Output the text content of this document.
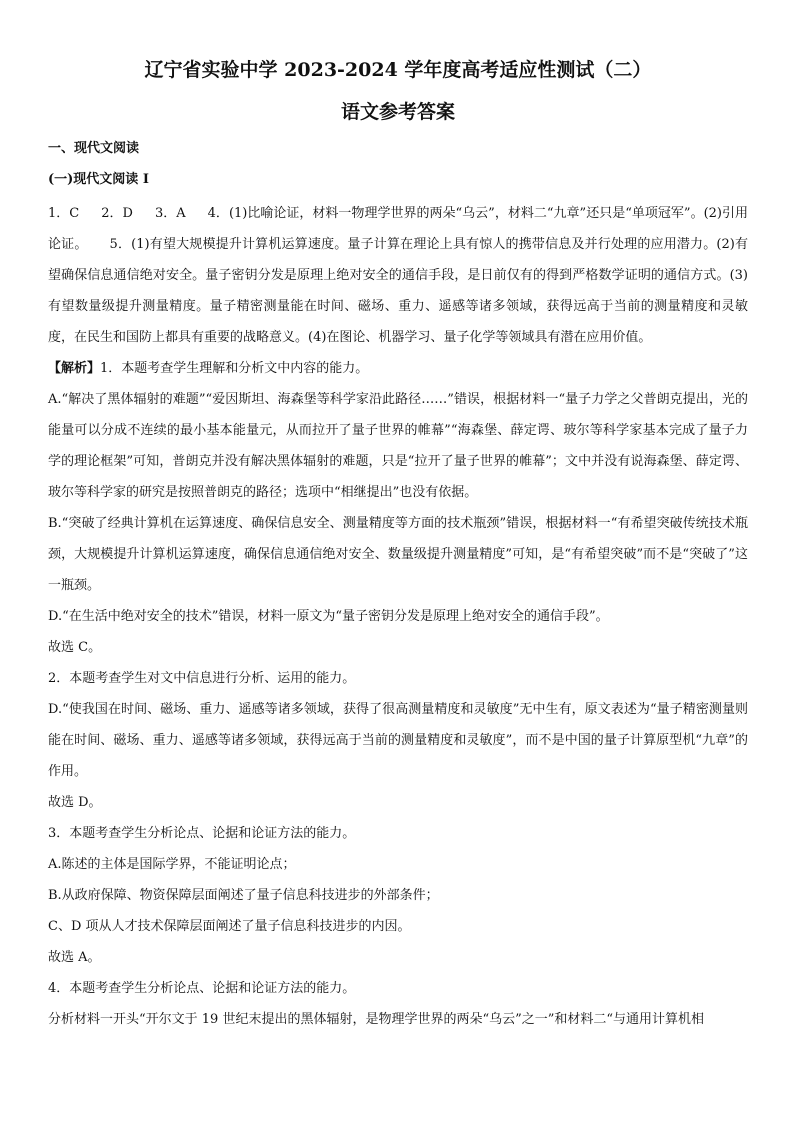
辽宁省实验中学 2023-2024 学年度高考适应性测试（二）
语文参考答案

一、现代文阅读

(一)现代文阅读 I

1．C 2．D 3．A 4．(1)比喻论证，材料一物理学世界的两朵“乌云”，材料二“九章”还只是“单项冠军”。(2)引用论证。 5．(1)有望大规模提升计算机运算速度。量子计算在理论上具有惊人的携带信息及并行处理的应用潜力。(2)有望确保信息通信绝对安全。量子密钥分发是原理上绝对安全的通信手段，是日前仅有的得到严格数学证明的通信方式。(3)有望数量级提升测量精度。量子精密测量能在时间、磁场、重力、遥感等诸多领域，获得远高于当前的测量精度和灵敏度，在民生和国防上都具有重要的战略意义。(4)在图论、机器学习、量子化学等领域具有潜在应用价值。

【解析】1．本题考查学生理解和分析文中内容的能力。

A.“解决了黑体辐射的难题”“爱因斯坦、海森堡等科学家沿此路径……”错误，根据材料一“量子力学之父普朗克提出，光的能量可以分成不连续的最小基本能量元，从而拉开了量子世界的帷幕”“海森堡、薛定谔、玻尔等科学家基本完成了量子力学的理论框架”可知，普朗克并没有解决黑体辐射的难题，只是“拉开了量子世界的帷幕”；文中并没有说海森堡、薛定谔、玻尔等科学家的研究是按照普朗克的路径；选项中“相继提出”也没有依据。

B.“突破了经典计算机在运算速度、确保信息安全、测量精度等方面的技术瓶颈”错误，根据材料一“有希望突破传统技术瓶颈，大规模提升计算机运算速度，确保信息通信绝对安全、数量级提升测量精度”可知，是“有希望突破”而不是“突破了”这一瓶颈。

D.“在生活中绝对安全的技术”错误，材料一原文为“量子密钥分发是原理上绝对安全的通信手段”。

故选 C。

2．本题考查学生对文中信息进行分析、运用的能力。

D.“使我国在时间、磁场、重力、遥感等诸多领域，获得了很高测量精度和灵敏度”无中生有，原文表述为“量子精密测量则能在时间、磁场、重力、遥感等诸多领域，获得远高于当前的测量精度和灵敏度”，而不是中国的量子计算原型机“九章”的作用。

故选 D。

3．本题考查学生分析论点、论据和论证方法的能力。

A.陈述的主体是国际学界，不能证明论点；

B.从政府保障、物资保障层面阐述了量子信息科技进步的外部条件；

C、D 项从人才技术保障层面阐述了量子信息科技进步的内因。

故选 A。

4．本题考查学生分析论点、论据和论证方法的能力。

分析材料一开头“开尔文于 19 世纪末提出的黑体辐射，是物理学世界的两朵“乌云”之一”和材料二“与通用计算机相
